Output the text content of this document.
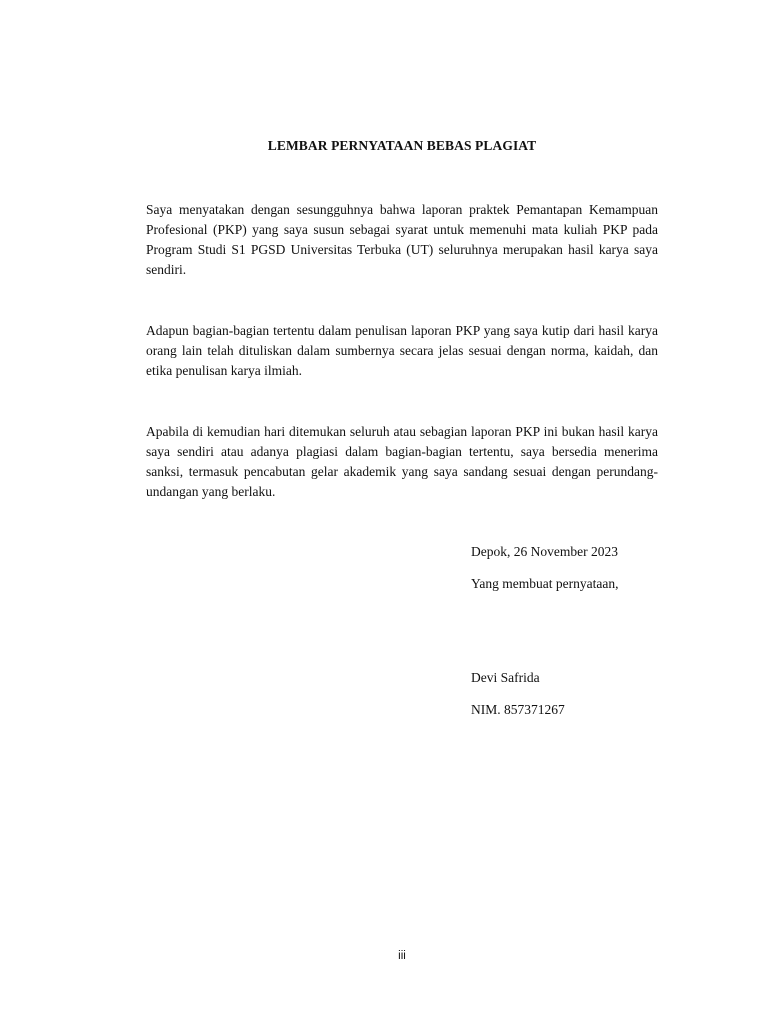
LEMBAR PERNYATAAN BEBAS PLAGIAT

Saya menyatakan dengan sesungguhnya bahwa laporan praktek Pemantapan Kemampuan Profesional (PKP) yang saya susun sebagai syarat untuk memenuhi mata kuliah PKP pada Program Studi S1 PGSD Universitas Terbuka (UT) seluruhnya merupakan hasil karya saya sendiri.

Adapun bagian-bagian tertentu dalam penulisan laporan PKP yang saya kutip dari hasil karya orang lain telah dituliskan dalam sumbernya secara jelas sesuai dengan norma, kaidah, dan etika penulisan karya ilmiah.

Apabila di kemudian hari ditemukan seluruh atau sebagian laporan PKP ini bukan hasil karya saya sendiri atau adanya plagiasi dalam bagian-bagian tertentu, saya bersedia menerima sanksi, termasuk pencabutan gelar akademik yang saya sandang sesuai dengan perundang-undangan yang berlaku.

Depok, 26 November 2023
Yang membuat pernyataan,
Devi Safrida
NIM. 857371267
iii
